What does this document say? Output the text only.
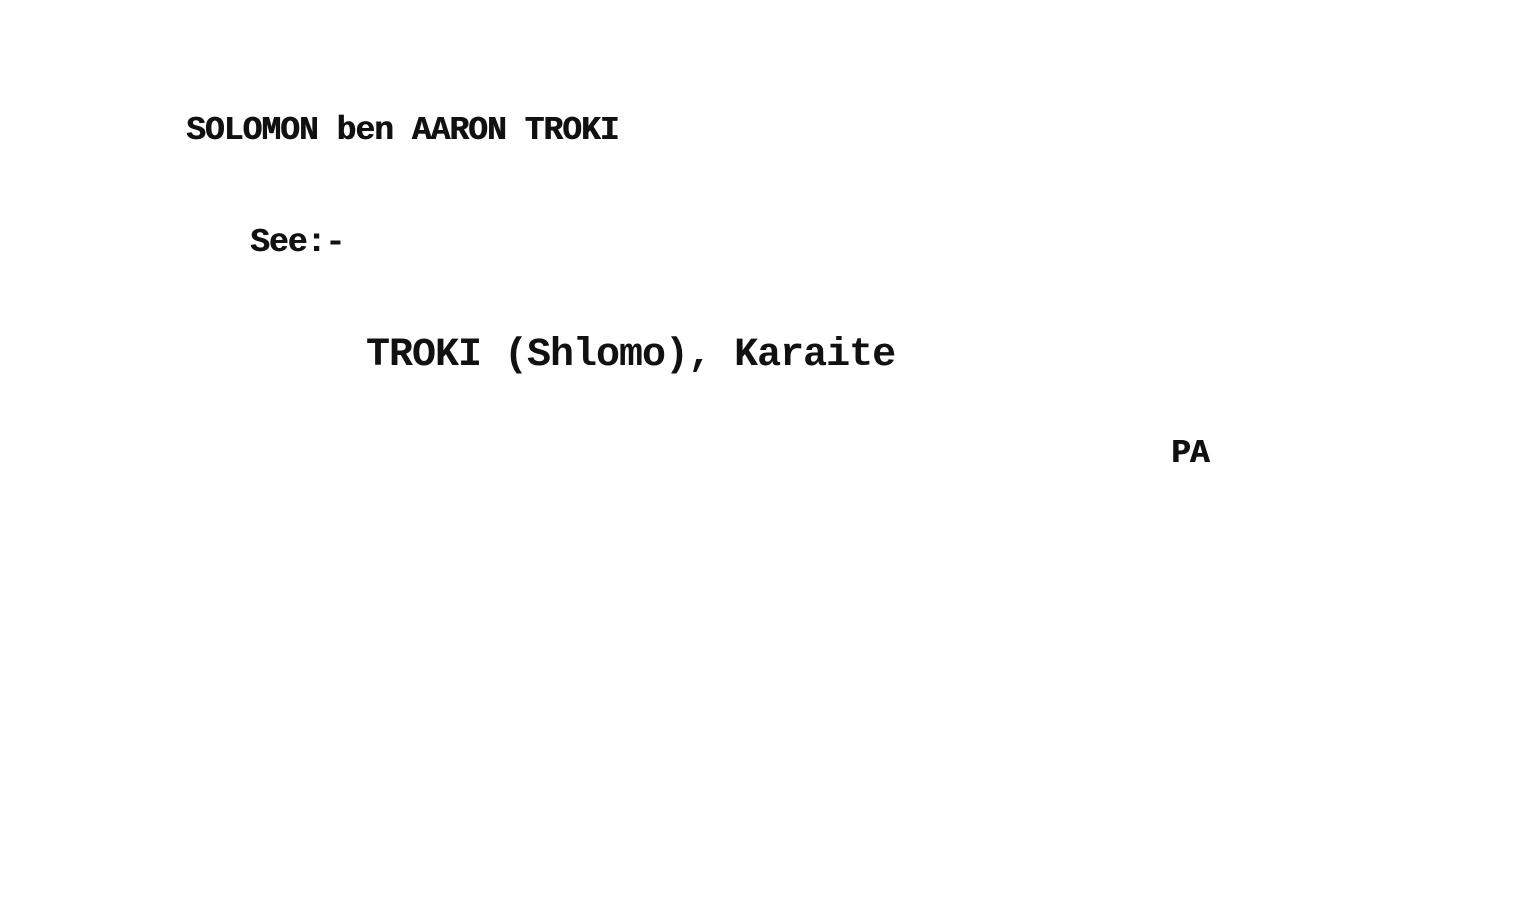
SOLOMON ben AARON TROKI
See:-
TROKI (Shlomo), Karaite
PA
